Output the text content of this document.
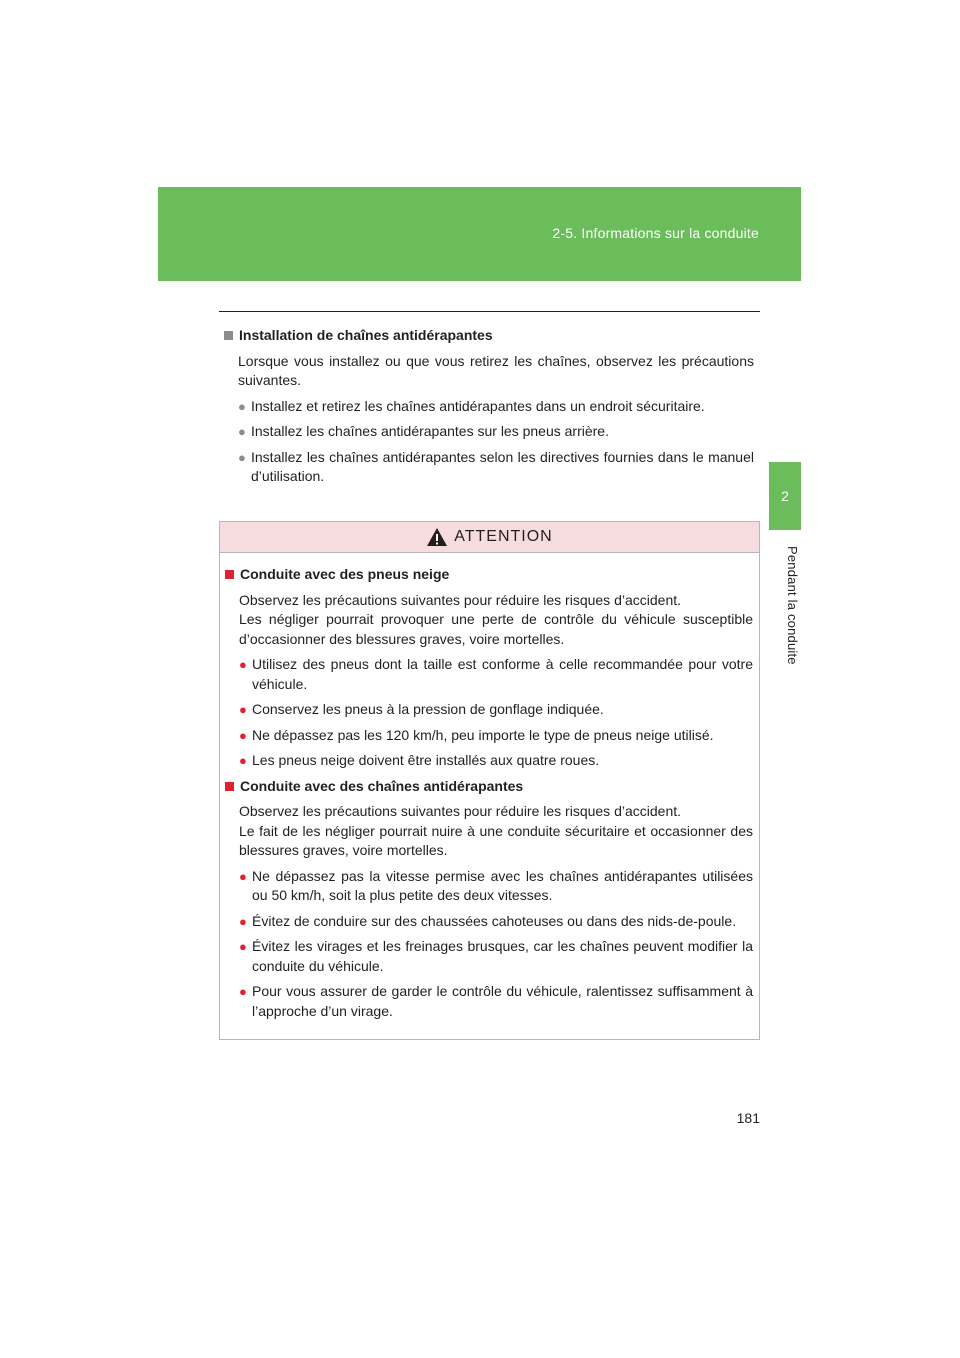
2-5. Informations sur la conduite
2
Pendant la conduite
Installation de chaînes antidérapantes
Lorsque vous installez ou que vous retirez les chaînes, observez les précautions suivantes.
● Installez et retirez les chaînes antidérapantes dans un endroit sécuritaire.
● Installez les chaînes antidérapantes sur les pneus arrière.
● Installez les chaînes antidérapantes selon les directives fournies dans le manuel d’utilisation.
ATTENTION
Conduite avec des pneus neige
Observez les précautions suivantes pour réduire les risques d’accident.
Les négliger pourrait provoquer une perte de contrôle du véhicule susceptible d’occasionner des blessures graves, voire mortelles.
● Utilisez des pneus dont la taille est conforme à celle recommandée pour votre véhicule.
● Conservez les pneus à la pression de gonflage indiquée.
● Ne dépassez pas les 120 km/h, peu importe le type de pneus neige utilisé.
● Les pneus neige doivent être installés aux quatre roues.
Conduite avec des chaînes antidérapantes
Observez les précautions suivantes pour réduire les risques d’accident.
Le fait de les négliger pourrait nuire à une conduite sécuritaire et occasionner des blessures graves, voire mortelles.
● Ne dépassez pas la vitesse permise avec les chaînes antidérapantes utilisées ou 50 km/h, soit la plus petite des deux vitesses.
● Évitez de conduire sur des chaussées cahoteuses ou dans des nids-de-poule.
● Évitez les virages et les freinages brusques, car les chaînes peuvent modifier la conduite du véhicule.
● Pour vous assurer de garder le contrôle du véhicule, ralentissez suffisamment à l’approche d’un virage.
181
